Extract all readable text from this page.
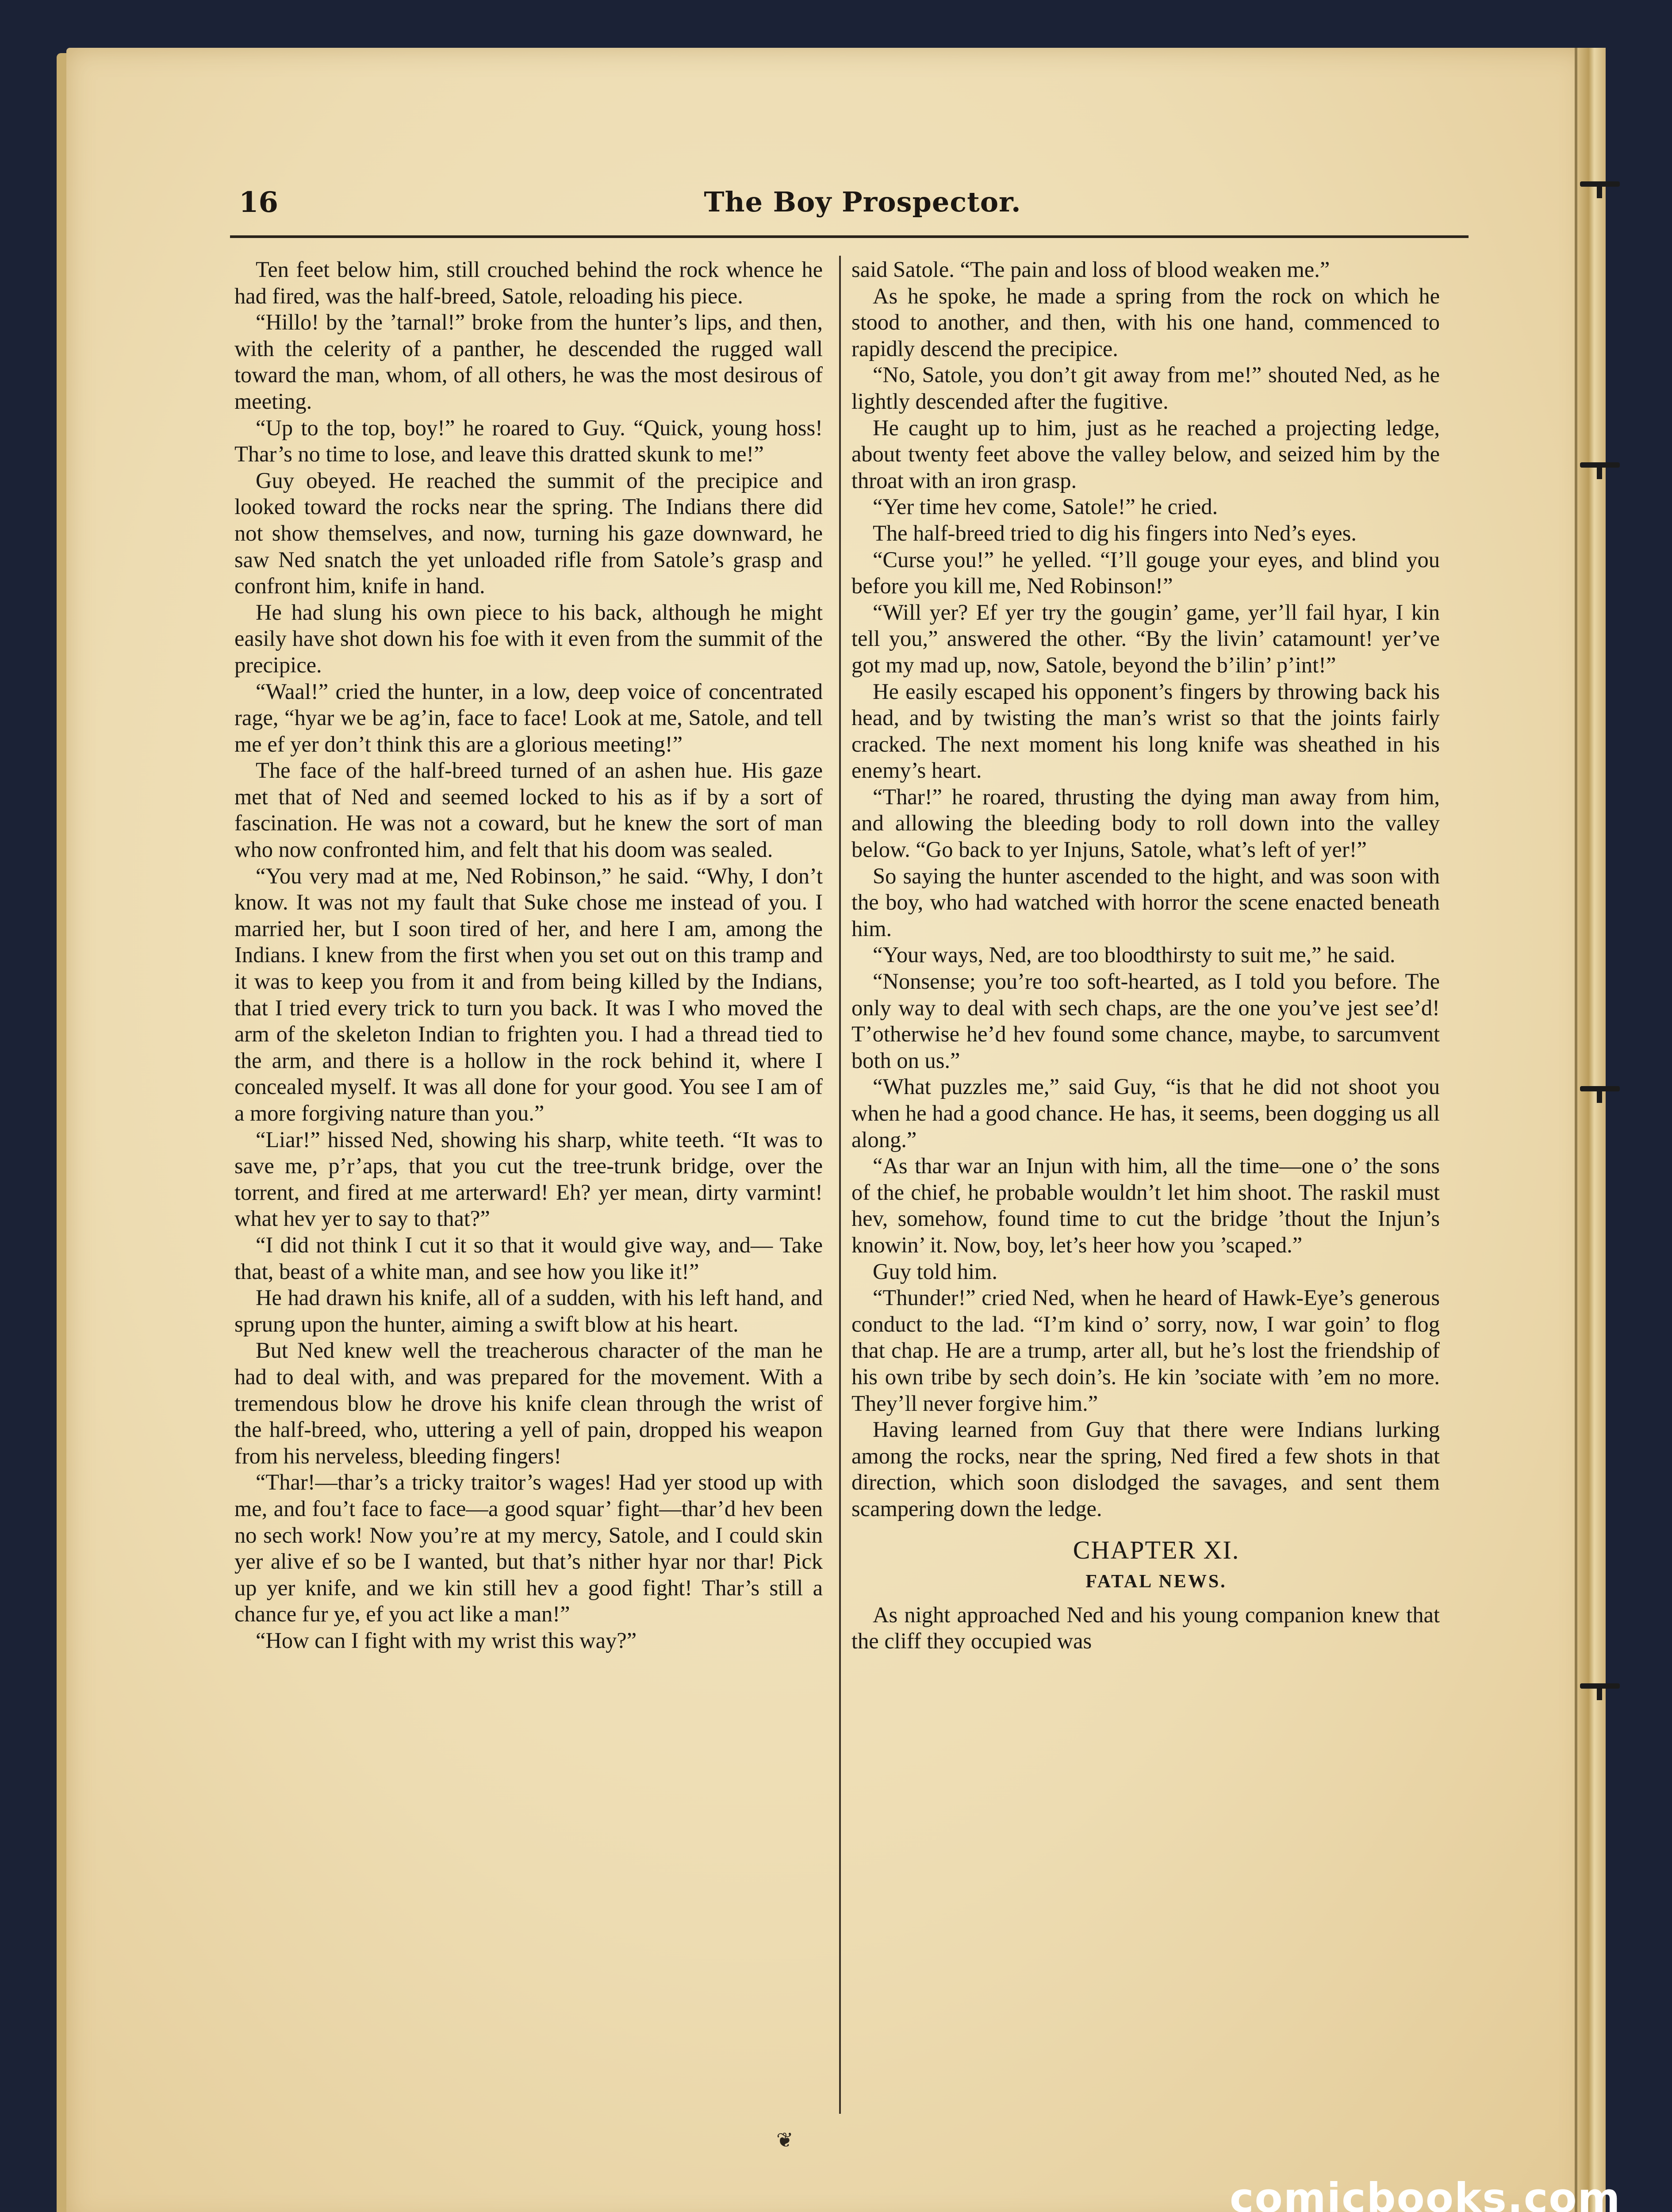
16	The Boy Prospector.

Ten feet below him, still crouched behind the rock whence he had fired, was the half-breed, Satole, reloading his piece.

“Hillo! by the ’tarnal!” broke from the hunter’s lips, and then, with the celerity of a panther, he descended the rugged wall toward the man, whom, of all others, he was the most desirous of meeting.

“Up to the top, boy!” he roared to Guy. “Quick, young hoss! Thar’s no time to lose, and leave this dratted skunk to me!”

Guy obeyed. He reached the summit of the precipice and looked toward the rocks near the spring. The Indians there did not show themselves, and now, turning his gaze downward, he saw Ned snatch the yet unloaded rifle from Satole’s grasp and confront him, knife in hand.

He had slung his own piece to his back, although he might easily have shot down his foe with it even from the summit of the precipice.

“Waal!” cried the hunter, in a low, deep voice of concentrated rage, “hyar we be ag’in, face to face! Look at me, Satole, and tell me ef yer don’t think this are a glorious meeting!”

The face of the half-breed turned of an ashen hue. His gaze met that of Ned and seemed locked to his as if by a sort of fascination. He was not a coward, but he knew the sort of man who now confronted him, and felt that his doom was sealed.

“You very mad at me, Ned Robinson,” he said. “Why, I don’t know. It was not my fault that Suke chose me instead of you. I married her, but I soon tired of her, and here I am, among the Indians. I knew from the first when you set out on this tramp and it was to keep you from it and from being killed by the Indians, that I tried every trick to turn you back. It was I who moved the arm of the skeleton Indian to frighten you. I had a thread tied to the arm, and there is a hollow in the rock behind it, where I concealed myself. It was all done for your good. You see I am of a more forgiving nature than you.”

“Liar!” hissed Ned, showing his sharp, white teeth. “It was to save me, p’r’aps, that you cut the tree-trunk bridge, over the torrent, and fired at me arterward! Eh? yer mean, dirty varmint! what hev yer to say to that?”

“I did not think I cut it so that it would give way, and— Take that, beast of a white man, and see how you like it!”

He had drawn his knife, all of a sudden, with his left hand, and sprung upon the hunter, aiming a swift blow at his heart.

But Ned knew well the treacherous character of the man he had to deal with, and was prepared for the movement. With a tremendous blow he drove his knife clean through the wrist of the half-breed, who, uttering a yell of pain, dropped his weapon from his nerveless, bleeding fingers!

“Thar!—thar’s a tricky traitor’s wages! Had yer stood up with me, and fou’t face to face—a good squar’ fight—thar’d hev been no sech work! Now you’re at my mercy, Satole, and I could skin yer alive ef so be I wanted, but that’s nither hyar nor thar! Pick up yer knife, and we kin still hev a good fight! Thar’s still a chance fur ye, ef you act like a man!”

“How can I fight with my wrist this way?”

said Satole. “The pain and loss of blood weaken me.”

As he spoke, he made a spring from the rock on which he stood to another, and then, with his one hand, commenced to rapidly descend the precipice.

“No, Satole, you don’t git away from me!” shouted Ned, as he lightly descended after the fugitive.

He caught up to him, just as he reached a projecting ledge, about twenty feet above the valley below, and seized him by the throat with an iron grasp.

“Yer time hev come, Satole!” he cried.

The half-breed tried to dig his fingers into Ned’s eyes.

“Curse you!” he yelled. “I’ll gouge your eyes, and blind you before you kill me, Ned Robinson!”

“Will yer? Ef yer try the gougin’ game, yer’ll fail hyar, I kin tell you,” answered the other. “By the livin’ catamount! yer’ve got my mad up, now, Satole, beyond the b’ilin’ p’int!”

He easily escaped his opponent’s fingers by throwing back his head, and by twisting the man’s wrist so that the joints fairly cracked. The next moment his long knife was sheathed in his enemy’s heart.

“Thar!” he roared, thrusting the dying man away from him, and allowing the bleeding body to roll down into the valley below. “Go back to yer Injuns, Satole, what’s left of yer!”

So saying the hunter ascended to the hight, and was soon with the boy, who had watched with horror the scene enacted beneath him.

“Your ways, Ned, are too bloodthirsty to suit me,” he said.

“Nonsense; you’re too soft-hearted, as I told you before. The only way to deal with sech chaps, are the one you’ve jest see’d! T’otherwise he’d hev found some chance, maybe, to sarcumvent both on us.”

“What puzzles me,” said Guy, “is that he did not shoot you when he had a good chance. He has, it seems, been dogging us all along.”

“As thar war an Injun with him, all the time—one o’ the sons of the chief, he probable wouldn’t let him shoot. The raskil must hev, somehow, found time to cut the bridge ’thout the Injun’s knowin’ it. Now, boy, let’s heer how you ’scaped.”

Guy told him.

“Thunder!” cried Ned, when he heard of Hawk-Eye’s generous conduct to the lad. “I’m kind o’ sorry, now, I war goin’ to flog that chap. He are a trump, arter all, but he’s lost the friendship of his own tribe by sech doin’s. He kin ’sociate with ’em no more. They’ll never forgive him.”

Having learned from Guy that there were Indians lurking among the rocks, near the spring, Ned fired a few shots in that direction, which soon dislodged the savages, and sent them scampering down the ledge.

CHAPTER XI.

FATAL NEWS.

As night approached Ned and his young companion knew that the cliff they occupied was

❦
comicbooks.com
